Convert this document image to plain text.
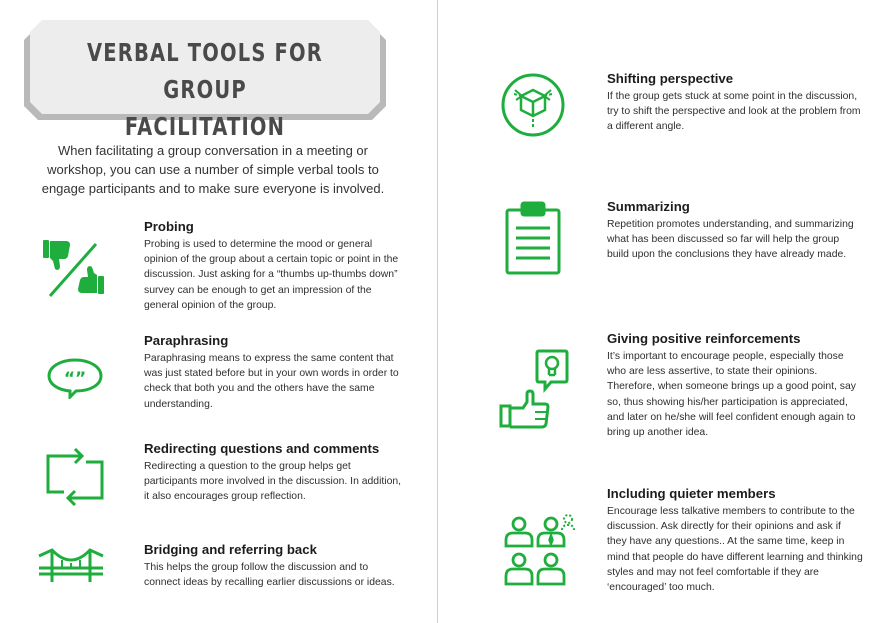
VERBAL TOOLS FOR GROUP
FACILITATION
When facilitating a group conversation in a meeting or workshop, you can use a number of simple verbal tools to engage participants and to make sure everyone is involved.
Probing

Probing is used to determine the mood or general opinion of the group about a certain topic or point in the discussion. Just asking for a “thumbs up-thumbs down” survey can be enough to get an impression of the general opinion of the group.

“”
Paraphrasing

Paraphrasing means to express the same content that was just stated before but in your own words in order to check that both you and the others have the same understanding.

Redirecting questions and comments

Redirecting a question to the group helps get participants more involved in the discussion. In addition, it also encourages group reflection.

Bridging and referring back

This helps the group follow the discussion and to connect ideas by recalling earlier discussions or ideas.

Shifting perspective

If the group gets stuck at some point in the discussion, try to shift the perspective and look at the problem from a different angle.

Summarizing

Repetition promotes understanding, and summarizing what has been discussed so far will help the group build upon the conclusions they have already made.

Giving positive reinforcements

It’s important to encourage people, especially those who are less assertive, to state their opinions. Therefore, when someone brings up a good point, say so, thus showing his/her participation is appreciated, and later on he/she will feel confident enough again to bring up another idea.

Including quieter members

Encourage less talkative members to contribute to the discussion. Ask directly for their opinions and ask if they have any questions.. At the same time, keep in mind that people do have different learning and thinking styles and may not feel comfortable if they are ‘encouraged’ too much.
